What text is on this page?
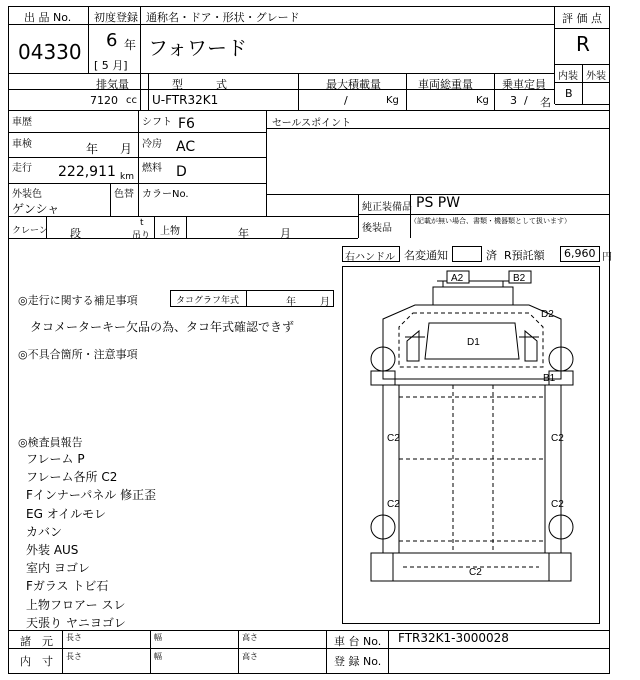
出 品 No.
04330
初度登録 通称名・ドア・形状・グレード
6 年
[ 5 月]
フォワード
評 価 点
R
内装 外装
B
排気量
7120 cc
型　　　式
U-FTR32K1
最大積載量
/	Kg
車両総重量
Kg
乗車定員
3 / 名
車歴	シフト F6
車検	年 月 冷房 AC
走行 222,911 km
燃料 D
外装色
ゲンシャ
色替 カラーNo.
セールスポイント
純正装備品 PS PW
後装品
（記載が無い場合、書類・機器類として扱います）
クレーン 段
t
吊り 上物	年	月
右ハンドル 名変通知	済 R預託額 6,960 円
◎走行に関する補足事項	タコグラフ年式	年 月
タコメーターキー欠品の為、タコ年式確認できず
◎不具合箇所・注意事項
◎検査員報告
フレーム P
フレーム各所 C2
Fインナーパネル 修正歪
EG オイルモレ
カバン
外装 AUS
室内 ヨゴレ
Fガラス トビ石
上物フロアー スレ
天張り ヤニヨゴレ
A2	B2
D2
D1
B1
C2	C2
C2	C2
C2
諸　元 長さ	幅	高さ	車 台 No. FTR32K1-3000028
内　寸 長さ	幅	高さ	登 録 No.
